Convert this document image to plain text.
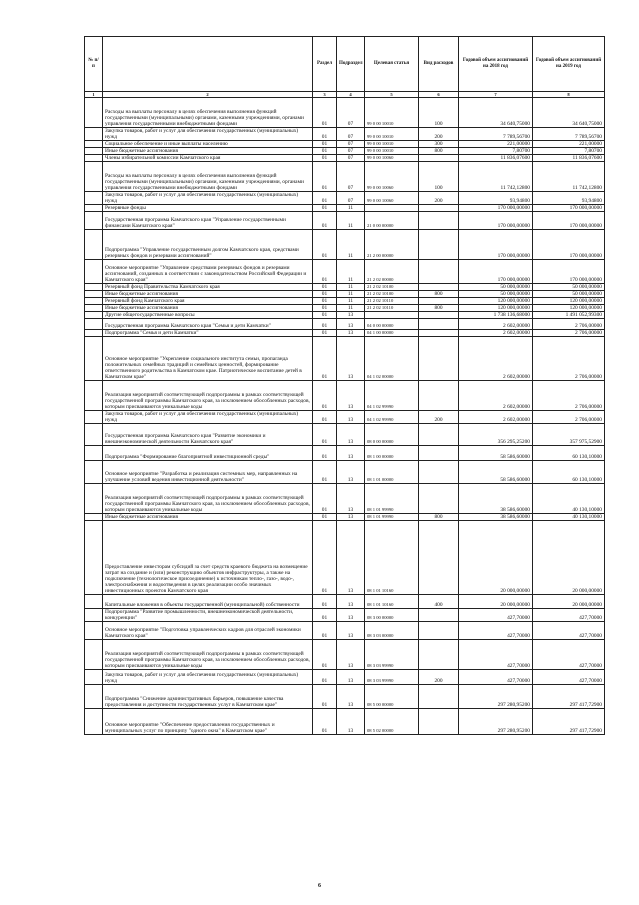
№ п/п		Раздел	Подраздел	Целевая статья	Вид расходов	Годовой объем ассигнований на 2018 год	Годовой объем ассигнований на 2019 год
1	2	3	4	5	6	7	8
	Расходы на выплаты персоналу в целях обеспечения выполнения функций государственными (муниципальными) органами, казенными учреждениями, органами управления государственными внебюджетными фондами	01	07	99 0 00 10010	100	34 640,75000	34 640,75000
	Закупка товаров, работ и услуг для обеспечения государственных (муниципальных) нужд	01	07	99 0 00 10010	200	7 789,56700	7 789,56700
	Социальное обеспечение и иные выплаты населению	01	07	99 0 00 10010	300	221,00000	221,00000
	Иные бюджетные ассигнования	01	07	99 0 00 10010	800	7,80700	7,80700
	Члены избирательной комиссии Камчатского края	01	07	99 0 00 10060		11 836,07600	11 836,07600
	Расходы на выплаты персоналу в целях обеспечения выполнения функций государственными (муниципальными) органами, казенными учреждениями, органами управления государственными внебюджетными фондами	01	07	99 0 00 10060	100	11 742,12800	11 742,12800
	Закупка товаров, работ и услуг для обеспечения государственных (муниципальных) нужд	01	07	99 0 00 10060	200	93,94800	93,94800
	Резервные фонды	01	11			170 000,00000	170 000,00000
	Государственная программа Камчатского края "Управление государственными финансами Камчатского края"	01	11	21 0 00 00000		170 000,00000	170 000,00000
	Подпрограмма "Управление государственным долгом Камчатского края, средствами резервных фондов и резервами ассигнований"	01	11	21 2 00 00000		170 000,00000	170 000,00000
	Основное мероприятие "Управление средствами резервных фондов и резервами ассигнований, созданных в соответствии с законодательством Российской Федерации и Камчатского края"	01	11	21 2 02 00000		170 000,00000	170 000,00000
	Резервный фонд Правительства Камчатского края	01	11	21 2 02 10100		50 000,00000	50 000,00000
	Иные бюджетные ассигнования	01	11	21 2 02 10100	800	50 000,00000	50 000,00000
	Резервный фонд Камчатского края	01	11	21 2 02 10110		120 000,00000	120 000,00000
	Иные бюджетные ассигнования	01	11	21 2 02 10110	800	120 000,00000	120 000,00000
	Другие общегосударственные вопросы	01	13			1 738 136,68000	1 491 052,99300
	Государственная программа Камчатского края "Семья и дети Камчатки"	01	13	04 0 00 00000		2 602,00000	2 706,00000
	Подпрограмма "Семья и дети Камчатки"	01	13	04 1 00 00000		2 602,00000	2 706,00000
	Основное мероприятие "Укрепление социального института семьи, пропаганда положительных семейных традиций и семейных ценностей, формирование ответственного родительства в Камчатском крае. Патриотическое воспитание детей в Камчатском крае"	01	13	04 1 02 00000		2 602,00000	2 706,00000
	Реализация мероприятий соответствующей подпрограммы в рамках соответствующей государственной программы Камчатского края, за исключением обособленных расходов, которым присваиваются уникальные коды	01	13	04 1 02 99990		2 602,00000	2 706,00000
	Закупка товаров, работ и услуг для обеспечения государственных (муниципальных) нужд	01	13	04 1 02 99990	200	2 602,00000	2 706,00000
	Государственная программа Камчатского края "Развитие экономики и внешнеэкономической деятельности Камчатского края"	01	13	08 0 00 00000		356 295,25200	357 975,52900
	Подпрограмма "Формирование благоприятной инвестиционной среды"	01	13	08 1 00 00000		58 586,60000	60 130,10000
	Основное мероприятие "Разработка и реализация системных мер, направленных на улучшение условий ведения инвестиционной деятельности"	01	13	08 1 01 00000		58 586,60000	60 130,10000
	Реализация мероприятий соответствующей подпрограммы в рамках соответствующей государственной программы Камчатского края, за исключением обособленных расходов, которым присваиваются уникальные коды	01	13	08 1 01 99990		38 586,60000	40 130,10000
	Иные бюджетные ассигнования	01	13	08 1 01 99990	800	38 586,60000	40 130,10000
	Предоставление инвесторам субсидий за счет средств краевого бюджета на возмещение затрат на создание и (или) реконструкцию объектов инфраструктуры, а также на подключение (технологическое присоединение) к источникам тепло-, газо-, водо-, электроснабжения и водоотведения в целях реализации особо значимых инвестиционных проектов Камчатского края	01	13	08 1 01 10160		20 000,00000	20 000,00000
	Капитальные вложения в объекты государственной (муниципальной) собственности	01	13	08 1 01 10160	400	20 000,00000	20 000,00000
	Подпрограмма "Развитие промышленности, внешнеэкономической деятельности, конкуренции"	01	13	08 3 00 00000		427,70000	427,70000
	Основное мероприятие "Подготовка управленческих кадров для отраслей экономики Камчатского края"	01	13	08 3 03 00000		427,70000	427,70000
	Реализация мероприятий соответствующей подпрограммы в рамках соответствующей государственной программы Камчатского края, за исключением обособленных расходов, которым присваиваются уникальные коды	01	13	08 3 03 99990		427,70000	427,70000
	Закупка товаров, работ и услуг для обеспечения государственных (муниципальных) нужд	01	13	08 3 03 99990	200	427,70000	427,70000
	Подпрограмма "Снижение административных барьеров, повышение качества предоставления и доступности государственных услуг в Камчатском крае"	01	13	08 5 00 00000		297 280,95200	297 417,72900
	Основное мероприятие "Обеспечение предоставления государственных и муниципальных услуг по принципу "одного окна" в Камчатском крае"	01	13	08 5 02 00000		297 280,95200	297 417,72900
6
